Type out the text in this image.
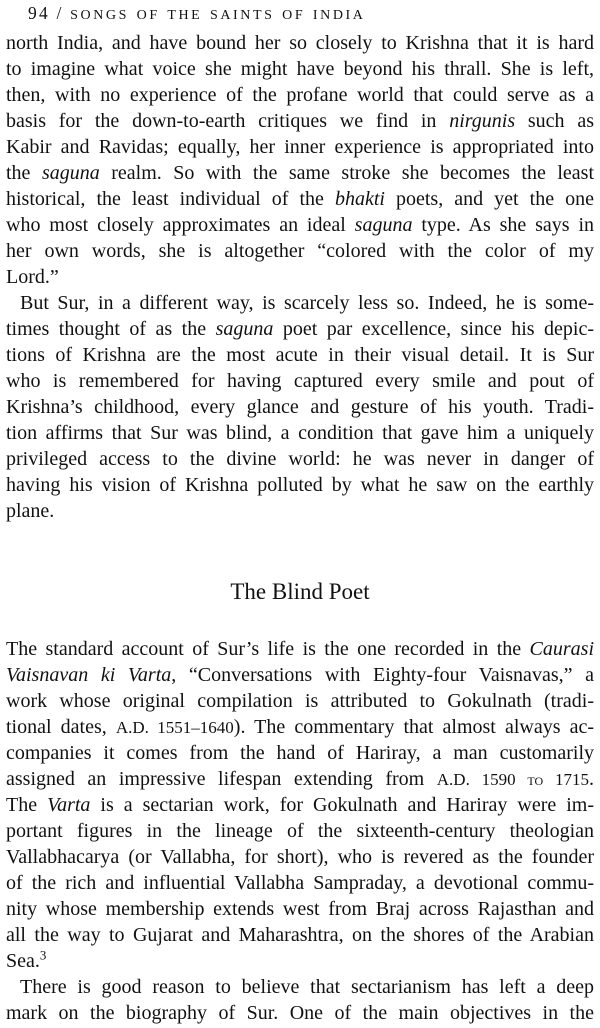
94 / songs of the saints of india
north India, and have bound her so closely to Krishna that it is hard
to imagine what voice she might have beyond his thrall. She is left,
then, with no experience of the profane world that could serve as a
basis for the down-to-earth critiques we find in nirgunis such as
Kabir and Ravidas; equally, her inner experience is appropriated into
the saguna realm. So with the same stroke she becomes the least
historical, the least individual of the bhakti poets, and yet the one
who most closely approximates an ideal saguna type. As she says in
her own words, she is altogether “colored with the color of my
Lord.”
But Sur, in a different way, is scarcely less so. Indeed, he is some-
times thought of as the saguna poet par excellence, since his depic-
tions of Krishna are the most acute in their visual detail. It is Sur
who is remembered for having captured every smile and pout of
Krishna’s childhood, every glance and gesture of his youth. Tradi-
tion affirms that Sur was blind, a condition that gave him a uniquely
privileged access to the divine world: he was never in danger of
having his vision of Krishna polluted by what he saw on the earthly
plane.
The Blind Poet
The standard account of Sur’s life is the one recorded in the Caurasi
Vaisnavan ki Varta, “Conversations with Eighty-four Vaisnavas,” a
work whose original compilation is attributed to Gokulnath (tradi-
tional dates, A.D. 1551–1640). The commentary that almost always ac-
companies it comes from the hand of Hariray, a man customarily
assigned an impressive lifespan extending from A.D. 1590 to 1715.
The Varta is a sectarian work, for Gokulnath and Hariray were im-
portant figures in the lineage of the sixteenth-century theologian
Vallabhacarya (or Vallabha, for short), who is revered as the founder
of the rich and influential Vallabha Sampraday, a devotional commu-
nity whose membership extends west from Braj across Rajasthan and
all the way to Gujarat and Maharashtra, on the shores of the Arabian
Sea.$^3$
There is good reason to believe that sectarianism has left a deep
mark on the biography of Sur. One of the main objectives in the
